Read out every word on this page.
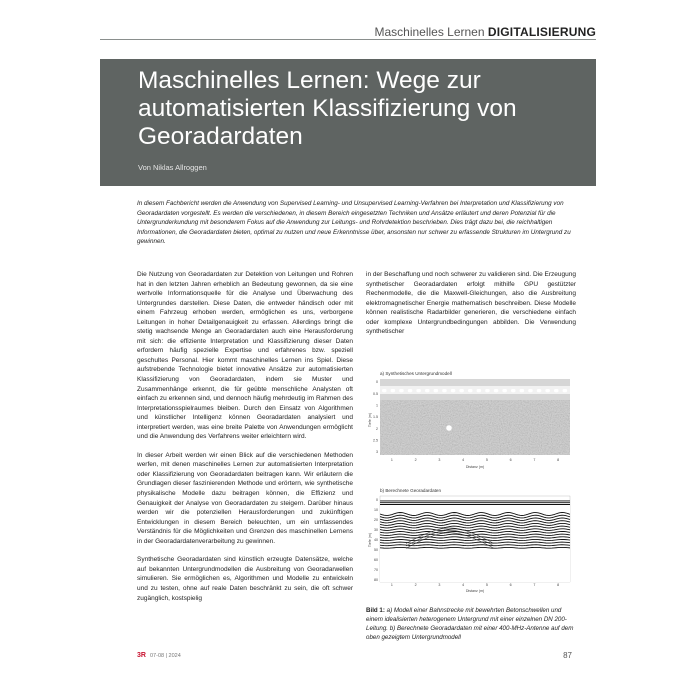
Maschinelles Lernen DIGITALISIERUNG
Maschinelles Lernen: Wege zur automatisierten Klassifizierung von Georadardaten
Von Niklas Allroggen

In diesem Fachbericht werden die Anwendung von Supervised Learning- und Unsupervised Learning-Verfahren bei Interpretation und Klassifizierung von Georadardaten vorgestellt. Es werden die verschiedenen, in diesem Bereich eingesetzten Techniken und Ansätze erläutert und deren Potenzial für die Untergrunderkundung mit besonderem Fokus auf die Anwendung zur Leitungs- und Rohrdetektion beschrieben. Dies trägt dazu bei, die reichhaltigen Informationen, die Georadardaten bieten, optimal zu nutzen und neue Erkenntnisse über, ansonsten nur schwer zu erfassende Strukturen im Untergrund zu gewinnen.

Die Nutzung von Georadardaten zur Detektion von Leitungen und Rohren hat in den letzten Jahren erheblich an Bedeutung gewonnen, da sie eine wertvolle Informationsquelle für die Analyse und Überwachung des Untergrundes darstellen. Diese Daten, die entweder händisch oder mit einem Fahrzeug erhoben werden, ermöglichen es uns, verborgene Leitungen in hoher Detailgenauigkeit zu erfassen. Allerdings bringt die stetig wachsende Menge an Georadardaten auch eine Herausforderung mit sich: die effiziente Interpretation und Klassifizierung dieser Daten erfordern häufig spezielle Expertise und erfahrenes bzw. speziell geschultes Personal. Hier kommt maschinelles Lernen ins Spiel. Diese aufstrebende Technologie bietet innovative Ansätze zur automatisierten Klassifizierung von Georadardaten, indem sie Muster und Zusammenhänge erkennt, die für geübte menschliche Analysten oft einfach zu erkennen sind, und dennoch häufig mehrdeutig im Rahmen des Interpretationsspielraumes bleiben. Durch den Einsatz von Algorithmen und künstlicher Intelligenz können Georadardaten analysiert und interpretiert werden, was eine breite Palette von Anwendungen ermöglicht und die Anwendung des Verfahrens weiter erleichtern wird.

In dieser Arbeit werden wir einen Blick auf die verschiedenen Methoden werfen, mit denen maschinelles Lernen zur automatisierten Interpretation oder Klassifizierung von Georadardaten beitragen kann. Wir erläutern die Grundlagen dieser faszinierenden Methode und erörtern, wie synthetische physikalische Modelle dazu beitragen können, die Effizienz und Genauigkeit der Analyse von Georadardaten zu steigern. Darüber hinaus werden wir die potenziellen Herausforderungen und zukünftigen Entwicklungen in diesem Bereich beleuchten, um ein umfassendes Verständnis für die Möglichkeiten und Grenzen des maschinellen Lernens in der Georadardatenverarbeitung zu gewinnen.

Synthetische Georadardaten sind künstlich erzeugte Datensätze, welche auf bekannten Untergrundmodellen die Ausbreitung von Georadarwellen simulieren. Sie ermöglichen es, Algorithmen und Modelle zu entwickeln und zu testen, ohne auf reale Daten beschränkt zu sein, die oft schwer zugänglich, kostspielig

in der Beschaffung und noch schwerer zu validieren sind. Die Erzeugung synthetischer Georadardaten erfolgt mithilfe GPU gestützter Rechenmodelle, die die Maxwell-Gleichungen, also die Ausbreitung elektromagnetischer Energie mathematisch beschreiben. Diese Modelle können realistische Radarbilder generieren, die verschiedene einfach oder komplexe Untergrundbedingungen abbilden. Die Verwendung synthetischer

a) Synthetisches Untergrundmodell
Tiefe (m)
0
0.5
1
1.5
2
2.5
3
1	2	3	4	5	6	7	8
Distanz (m)
b) Berechnete Georadardaten
Tiefe (m)
0
10
20
30
40
50
60
70
80
1	2	3	4	5	6	7	8
Distanz (m)

Bild 1: a) Modell einer Bahnstrecke mit bewehrten Betonschwellen und einem idealisierten heterogenem Untergrund mit einer einzelnen DN 200-Leitung. b) Berechnete Georadardaten mit einer 400-MHz-Antenne auf dem oben gezeigtem Untergrundmodell

3R 07-08 | 2024	87
